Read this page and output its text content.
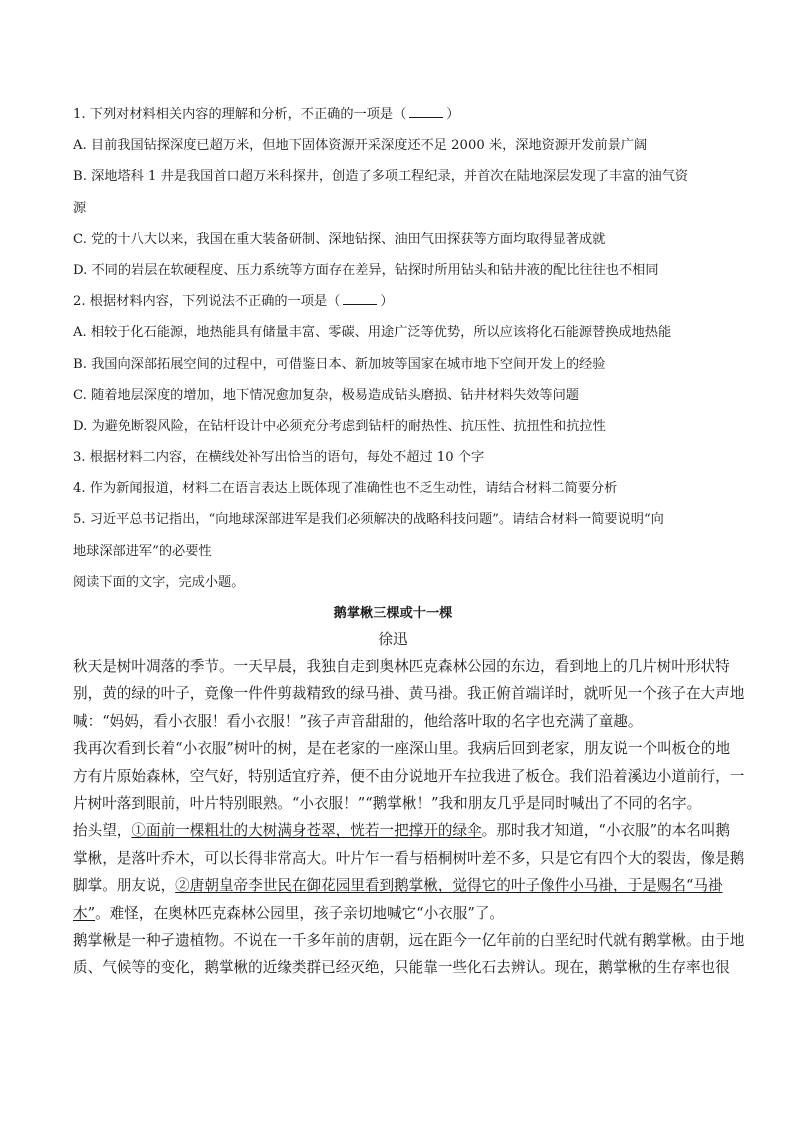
1. 下列对材料相关内容的理解和分析，不正确的一项是（	）
A. 目前我国钻探深度已超万米，但地下固体资源开采深度还不足 2000 米，深地资源开发前景广阔
B. 深地塔科 1 井是我国首口超万米科探井，创造了多项工程纪录，并首次在陆地深层发现了丰富的油气资
源
C. 党的十八大以来，我国在重大装备研制、深地钻探、油田气田探获等方面均取得显著成就
D. 不同的岩层在软硬程度、压力系统等方面存在差异，钻探时所用钻头和钻井液的配比往往也不相同
2. 根据材料内容，下列说法不正确的一项是（	）
A. 相较于化石能源，地热能具有储量丰富、零碳、用途广泛等优势，所以应该将化石能源替换成地热能
B. 我国向深部拓展空间的过程中，可借鉴日本、新加坡等国家在城市地下空间开发上的经验
C. 随着地层深度的增加，地下情况愈加复杂，极易造成钻头磨损、钻井材料失效等问题
D. 为避免断裂风险，在钻杆设计中必须充分考虑到钻杆的耐热性、抗压性、抗扭性和抗拉性
3. 根据材料二内容，在横线处补写出恰当的语句，每处不超过 10 个字
4. 作为新闻报道，材料二在语言表达上既体现了准确性也不乏生动性，请结合材料二简要分析
5. 习近平总书记指出，“向地球深部进军是我们必须解决的战略科技问题”。请结合材料一简要说明“向
地球深部进军”的必要性
阅读下面的文字，完成小题。
鹅掌楸三棵或十一棵
徐迅
秋天是树叶凋落的季节。一天早晨，我独自走到奥林匹克森林公园的东边，看到地上的几片树叶形状特
别，黄的绿的叶子，竟像一件件剪裁精致的绿马褂、黄马褂。我正俯首端详时，就听见一个孩子在大声地
喊：“妈妈，看小衣服！看小衣服！”孩子声音甜甜的，他给落叶取的名字也充满了童趣。
我再次看到长着“小衣服”树叶的树，是在老家的一座深山里。我病后回到老家，朋友说一个叫板仓的地
方有片原始森林，空气好，特别适宜疗养，便不由分说地开车拉我进了板仓。我们沿着溪边小道前行，一
片树叶落到眼前，叶片特别眼熟。“小衣服！”“鹅掌楸！”我和朋友几乎是同时喊出了不同的名字。
抬头望，①面前一棵粗壮的大树满身苍翠，恍若一把撑开的绿伞。那时我才知道，“小衣服”的本名叫鹅
掌楸，是落叶乔木，可以长得非常高大。叶片乍一看与梧桐树叶差不多，只是它有四个大的裂齿，像是鹅
脚掌。朋友说，②唐朝皇帝李世民在御花园里看到鹅掌楸，觉得它的叶子像件小马褂，于是赐名“马褂
木”。难怪，在奥林匹克森林公园里，孩子亲切地喊它“小衣服”了。
鹅掌楸是一种孑遗植物。不说在一千多年前的唐朝，远在距今一亿年前的白垩纪时代就有鹅掌楸。由于地
质、气候等的变化，鹅掌楸的近缘类群已经灭绝，只能靠一些化石去辨认。现在，鹅掌楸的生存率也很
